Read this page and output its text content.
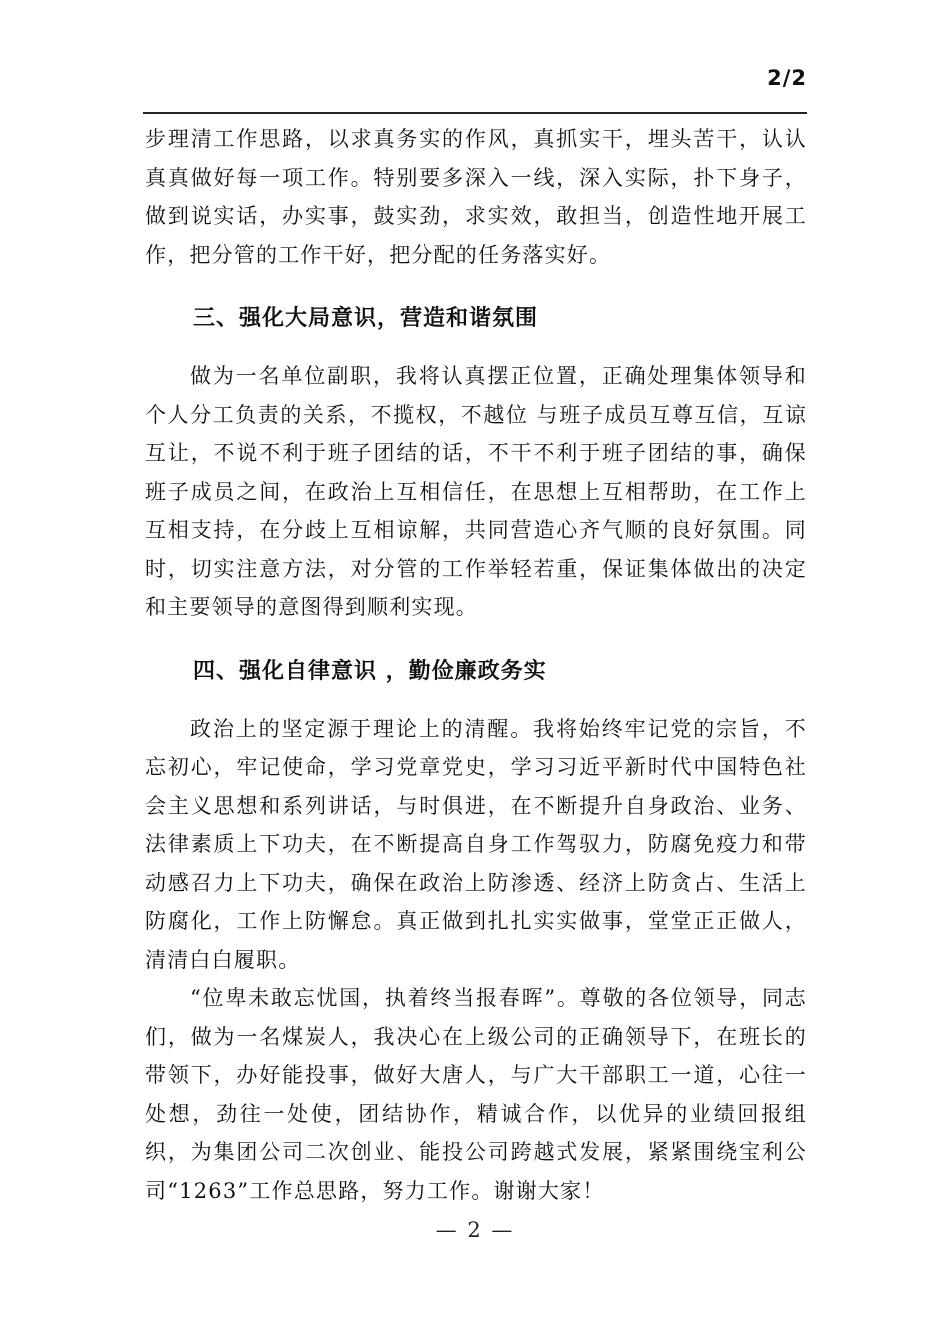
2/2

步理清工作思路，以求真务实的作风，真抓实干，埋头苦干，认认真真做好每一项工作。特别要多深入一线，深入实际，扑下身子，做到说实话，办实事，鼓实劲，求实效，敢担当，创造性地开展工作，把分管的工作干好，把分配的任务落实好。

三、强化大局意识，营造和谐氛围

做为一名单位副职，我将认真摆正位置，正确处理集体领导和个人分工负责的关系，不揽权，不越位 与班子成员互尊互信，互谅互让，不说不利于班子团结的话，不干不利于班子团结的事，确保班子成员之间，在政治上互相信任，在思想上互相帮助，在工作上互相支持，在分歧上互相谅解，共同营造心齐气顺的良好氛围。同时，切实注意方法，对分管的工作举轻若重，保证集体做出的决定和主要领导的意图得到顺利实现。

四、强化自律意识 ，勤俭廉政务实

政治上的坚定源于理论上的清醒。我将始终牢记党的宗旨，不忘初心，牢记使命，学习党章党史，学习习近平新时代中国特色社会主义思想和系列讲话，与时俱进，在不断提升自身政治、业务、法律素质上下功夫，在不断提高自身工作驾驭力，防腐免疫力和带动感召力上下功夫，确保在政治上防渗透、经济上防贪占、生活上防腐化，工作上防懈怠。真正做到扎扎实实做事，堂堂正正做人，清清白白履职。

“位卑未敢忘忧国，执着终当报春晖”。尊敬的各位领导，同志们，做为一名煤炭人，我决心在上级公司的正确领导下，在班长的带领下，办好能投事，做好大唐人，与广大干部职工一道，心往一处想，劲往一处使，团结协作，精诚合作，以优异的业绩回报组织，为集团公司二次创业、能投公司跨越式发展，紧紧围绕宝利公司“1263”工作总思路，努力工作。谢谢大家！

— 2 —
